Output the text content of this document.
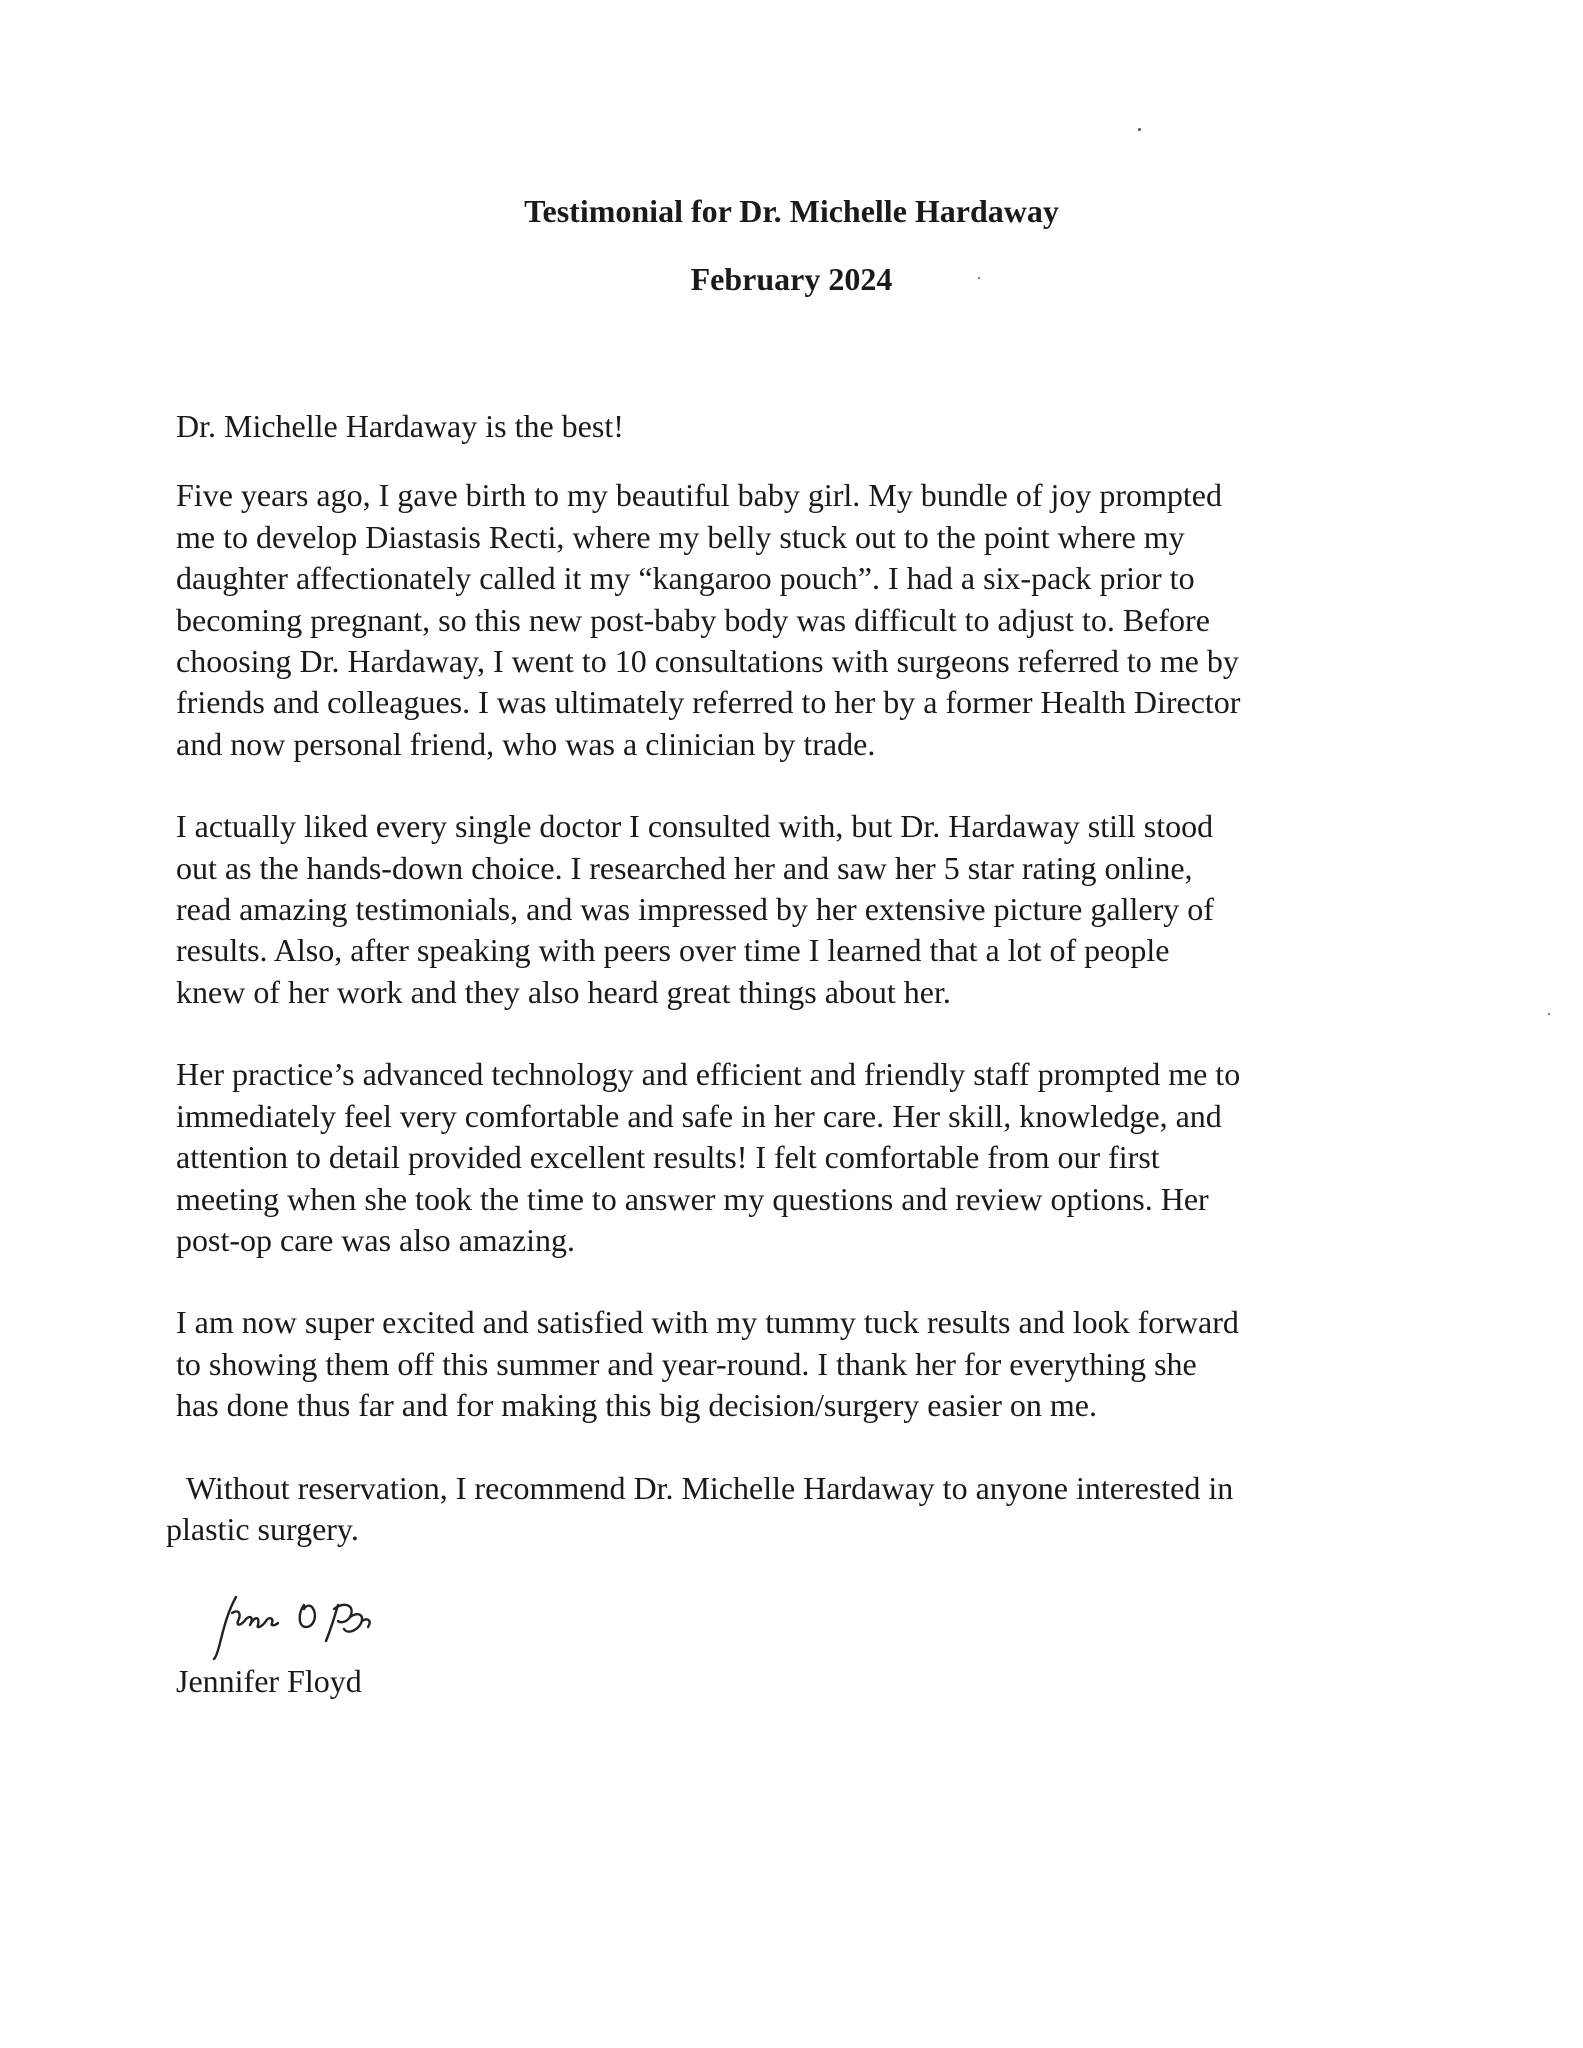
Testimonial for Dr. Michelle Hardaway
February 2024

Dr. Michelle Hardaway is the best!

Five years ago, I gave birth to my beautiful baby girl. My bundle of joy prompted
me to develop Diastasis Recti, where my belly stuck out to the point where my
daughter affectionately called it my “kangaroo pouch”. I had a six-pack prior to
becoming pregnant, so this new post-baby body was difficult to adjust to. Before
choosing Dr. Hardaway, I went to 10 consultations with surgeons referred to me by
friends and colleagues. I was ultimately referred to her by a former Health Director
and now personal friend, who was a clinician by trade.

I actually liked every single doctor I consulted with, but Dr. Hardaway still stood
out as the hands-down choice. I researched her and saw her 5 star rating online,
read amazing testimonials, and was impressed by her extensive picture gallery of
results. Also, after speaking with peers over time I learned that a lot of people
knew of her work and they also heard great things about her.

Her practice’s advanced technology and efficient and friendly staff prompted me to
immediately feel very comfortable and safe in her care. Her skill, knowledge, and
attention to detail provided excellent results! I felt comfortable from our first
meeting when she took the time to answer my questions and review options. Her
post-op care was also amazing.

I am now super excited and satisfied with my tummy tuck results and look forward
to showing them off this summer and year-round. I thank her for everything she
has done thus far and for making this big decision/surgery easier on me.

Without reservation, I recommend Dr. Michelle Hardaway to anyone interested in
plastic surgery.

Jennifer Floyd
